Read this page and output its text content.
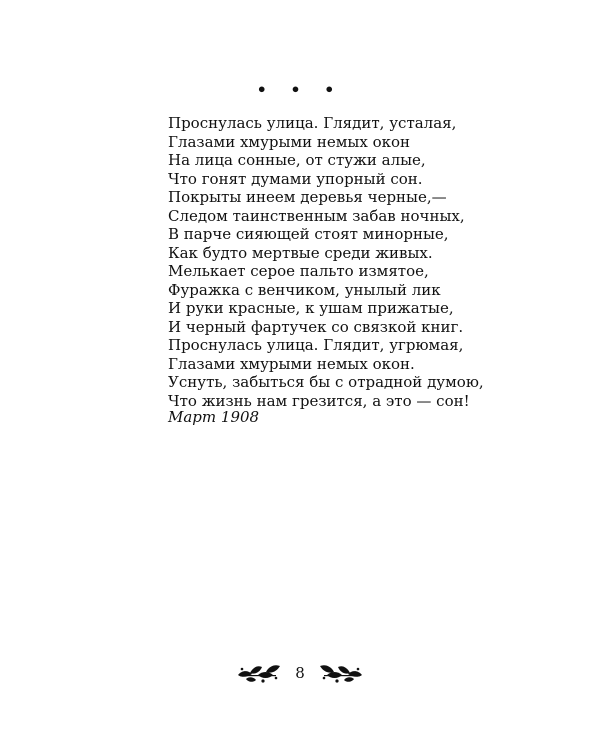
• • •
Проснулась улица. Глядит, усталая,
Глазами хмурыми немых окон
На лица сонные, от стужи алые,
Что гонят думами упорный сон.
Покрыты инеем деревья черные,—
Следом таинственным забав ночных,
В парче сияющей стоят минорные,
Как будто мертвые среди живых.
Мелькает серое пальто измятое,
Фуражка с венчиком, унылый лик
И руки красные, к ушам прижатые,
И черный фартучек со связкой книг.
Проснулась улица. Глядит, угрюмая,
Глазами хмурыми немых окон.
Уснуть, забыться бы с отрадной думою,
Что жизнь нам грезится, а это — сон!
Март 1908
8
